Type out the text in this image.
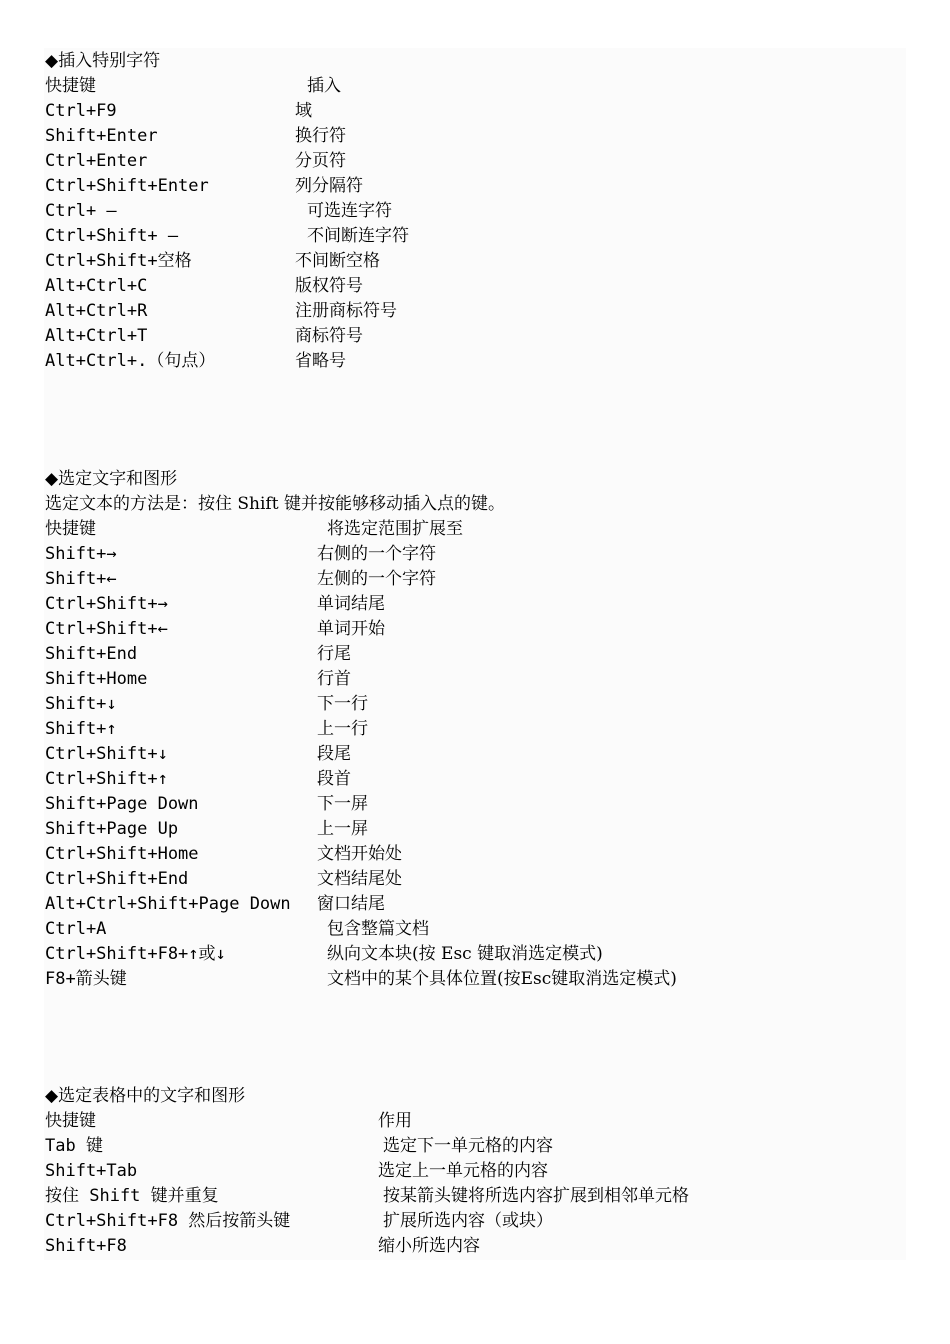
◆插入特别字符
快捷键	插入
Ctrl+F9	域
Shift+Enter	换行符
Ctrl+Enter	分页符
Ctrl+Shift+Enter	列分隔符
Ctrl+ —	可选连字符
Ctrl+Shift+ —	不间断连字符
Ctrl+Shift+空格	不间断空格
Alt+Ctrl+C	版权符号
Alt+Ctrl+R	注册商标符号
Alt+Ctrl+T	商标符号
Alt+Ctrl+.（句点）	省略号
◆选定文字和图形
选定文本的方法是：按住 Shift 键并按能够移动插入点的键。
快捷键	将选定范围扩展至
Shift+→	右侧的一个字符
Shift+←	左侧的一个字符
Ctrl+Shift+→	单词结尾
Ctrl+Shift+←	单词开始
Shift+End	行尾
Shift+Home	行首
Shift+↓	下一行
Shift+↑	上一行
Ctrl+Shift+↓	段尾
Ctrl+Shift+↑	段首
Shift+Page Down	下一屏
Shift+Page Up	上一屏
Ctrl+Shift+Home	文档开始处
Ctrl+Shift+End	文档结尾处
Alt+Ctrl+Shift+Page Down 窗口结尾
Ctrl+A	包含整篇文档
Ctrl+Shift+F8+↑或↓	纵向文本块(按 Esc 键取消选定模式)
F8+箭头键	文档中的某个具体位置(按Esc键取消选定模式)
◆选定表格中的文字和图形
快捷键	作用
Tab 键	选定下一单元格的内容
Shift+Tab	选定上一单元格的内容
按住 Shift 键并重复	按某箭头键将所选内容扩展到相邻单元格
Ctrl+Shift+F8 然后按箭头键	扩展所选内容（或块）
Shift+F8	缩小所选内容
